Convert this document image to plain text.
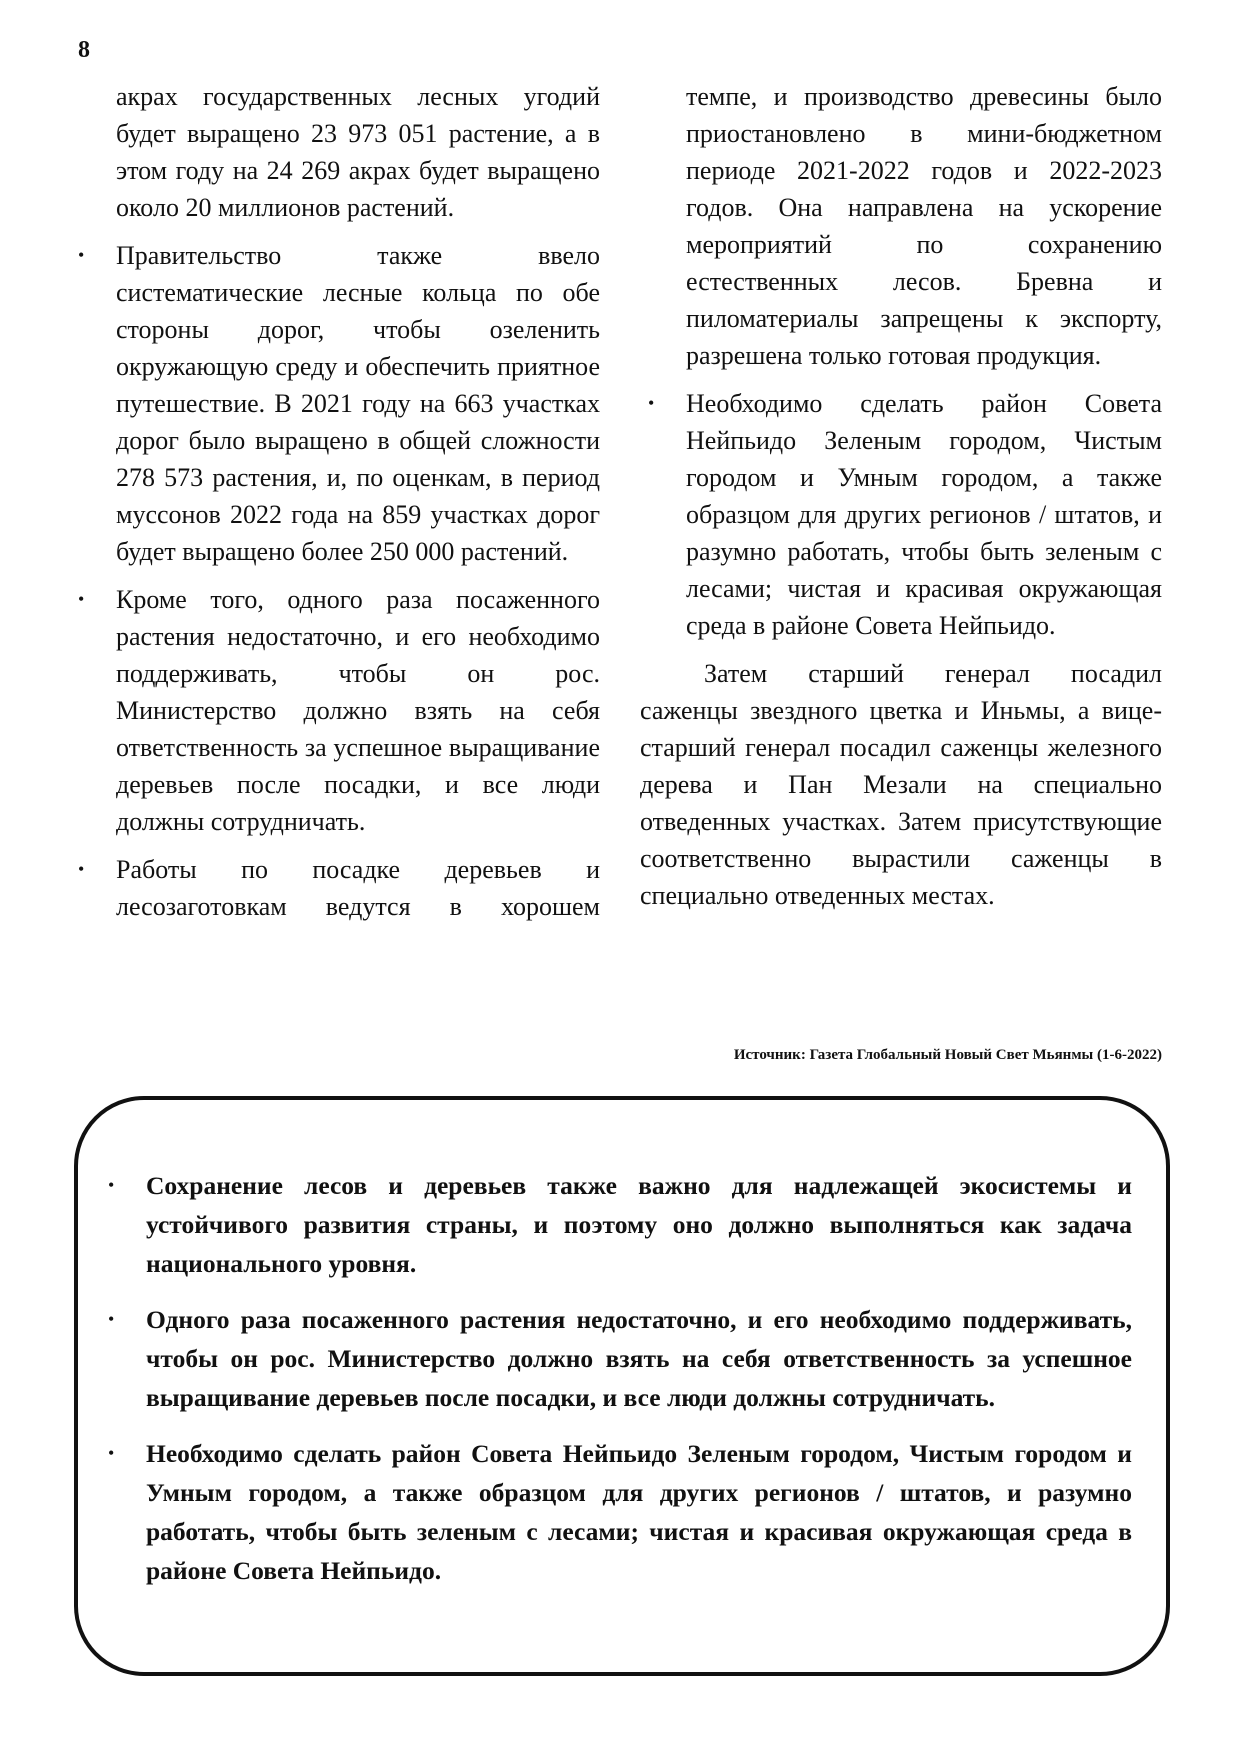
8

акрах государственных лесных угодий будет выращено 23 973 051 растение, а в этом году на 24 269 акрах будет выращено около 20 миллионов растений.

•	Правительство также ввело систематические лесные кольца по обе стороны дорог, чтобы озеленить окружающую среду и обеспечить приятное путешествие. В 2021 году на 663 участках дорог было выращено в общей сложности 278 573 растения, и, по оценкам, в период муссонов 2022 года на 859 участках дорог будет выращено более 250 000 растений.
•	Кроме того, одного раза посаженного растения недостаточно, и его необходимо поддерживать, чтобы он рос. Министерство должно взять на себя ответственность за успешное выращивание деревьев после посадки, и все люди должны сотрудничать.
•	Работы по посадке деревьев и лесозаготовкам ведутся в хорошем

темпе, и производство древесины было приостановлено в мини-бюджетном периоде 2021-2022 годов и 2022-2023 годов. Она направлена на ускорение мероприятий по сохранению естественных лесов. Бревна и пиломатериалы запрещены к экспорту, разрешена только готовая продукция.

•	Необходимо сделать район Совета Нейпьидо Зеленым городом, Чистым городом и Умным городом, а также образцом для других регионов / штатов, и разумно работать, чтобы быть зеленым с лесами; чистая и красивая окружающая среда в районе Совета Нейпьидо.

Затем старший генерал посадил саженцы звездного цветка и Иньмы, а вице-старший генерал посадил саженцы железного дерева и Пан Мезали на специально отведенных участках. Затем присутствующие соответственно вырастили саженцы в специально отведенных местах.

Источник: Газета Глобальный Новый Свет Мьянмы (1-6-2022)
•	Сохранение лесов и деревьев также важно для надлежащей экосистемы и устойчивого развития страны, и поэтому оно должно выполняться как задача национального уровня.
•	Одного раза посаженного растения недостаточно, и его необходимо поддерживать, чтобы он рос. Министерство должно взять на себя ответственность за успешное выращивание деревьев после посадки, и все люди должны сотрудничать.
•	Необходимо сделать район Совета Нейпьидо Зеленым городом, Чистым городом и Умным городом, а также образцом для других регионов / штатов, и разумно работать, чтобы быть зеленым с лесами; чистая и красивая окружающая среда в районе Совета Нейпьидо.
